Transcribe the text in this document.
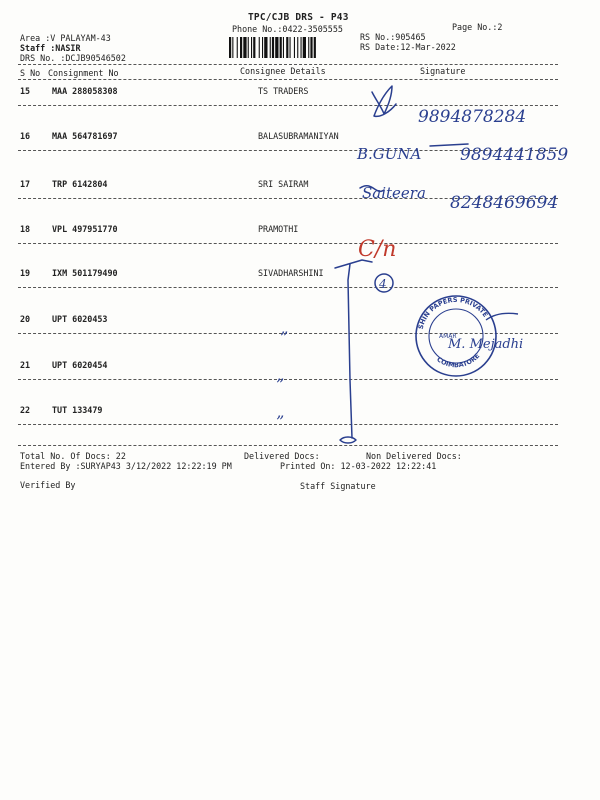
TPC/CJB DRS - P43
Phone No.:0422-3505555	Page No.:2
Area :V PALAYAM-43
Staff :NASIR
DRS No. :DCJB90546502
RS No.:905465
RS Date:12-Mar-2022
S No Consignment No	Consignee Details	Signature
15	MAA 288058308	TS TRADERS
16	MAA 564781697	BALASUBRAMANIYAN
17	TRP 6142804	SRI SAIRAM
18	VPL 497951770	PRAMOTHI
19	IXM 501179490	SIVADHARSHINI
20	UPT 6020453
21	UPT 6020454
22	TUT 133479
9894878284
B.GUNA 9894441859
Saiteera 8248469694
C/n
4
”
”
”
SHIN PAPERS PRIVATE
COIMBATORE
AMAR
M. Mejadhi
Total No. Of Docs: 22	Delivered Docs:	Non Delivered Docs:
Entered By :SURYAP43 3/12/2022 12:22:19 PM	Printed On: 12-03-2022 12:22:41
Verified By	Staff Signature
